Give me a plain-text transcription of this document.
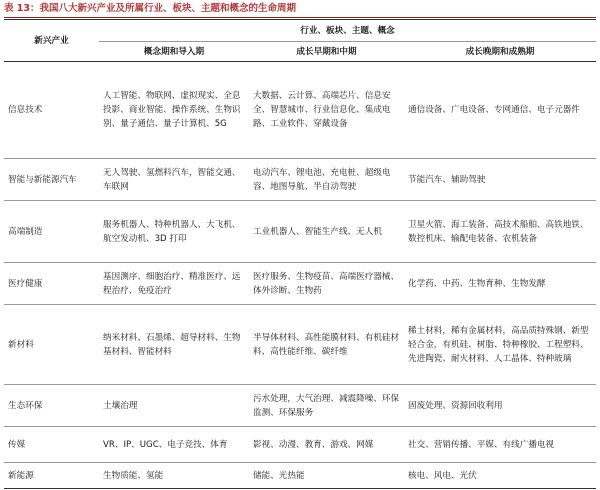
表 13：我国八大新兴产业及所属行业、板块、主题和概念的生命周期
新兴产业	行业、板块、主题、概念		
	概念期和导入期	成长早期和中期	成长晚期和成熟期
信息技术	人工智能、物联网、虚拟现实、全息投影、商业智能、操作系统、生物识别、量子通信、量子计算机、5G	大数据、云计算、高端芯片、信息安全、智慧城市、行业信息化、集成电路、工业软件、穿戴设备	通信设备、广电设备、专网通信、电子元器件
智能与新能源汽车	无人驾驶、氢燃料汽车，智能交通、车联网	电动汽车、锂电池、充电桩、超级电容、地图导航、半自动驾驶	节能汽车、辅助驾驶
高端制造	服务机器人、特种机器人、大飞机、航空发动机、3D 打印	工业机器人、智能生产线、无人机	卫星火箭、海工装备、高技术船舶、高铁地铁、数控机床、输配电装备、农机装备
医疗健康	基因测序、细胞治疗、精准医疗、远程治疗、免疫治疗	医疗服务、生物疫苗、高端医疗器械、体外诊断、生物药	化学药、中药、生物育种、生物发酵
新材料	纳米材料、石墨烯、超导材料、生物基材料、智能材料	半导体材料、高性能膜材料、有机硅材料、高性能纤维、碳纤维	稀土材料，稀有金属材料，高品质特殊钢、新型轻合金，有机硅、树脂、特种橡胶、工程塑料、先进陶瓷、耐火材料、人工晶体、特种玻璃
生态环保	土壤治理	污水处理，大气治理、减震降噪、环保监测、环保服务	固废处理、资源回收利用
传媒	VR、IP、UGC、电子竞技、体育	影视、动漫、教育、游戏、网媒	社交、营销传播、平媒、有线广播电视
新能源	生物质能、氢能	储能、光热能	核电、风电、光伏
